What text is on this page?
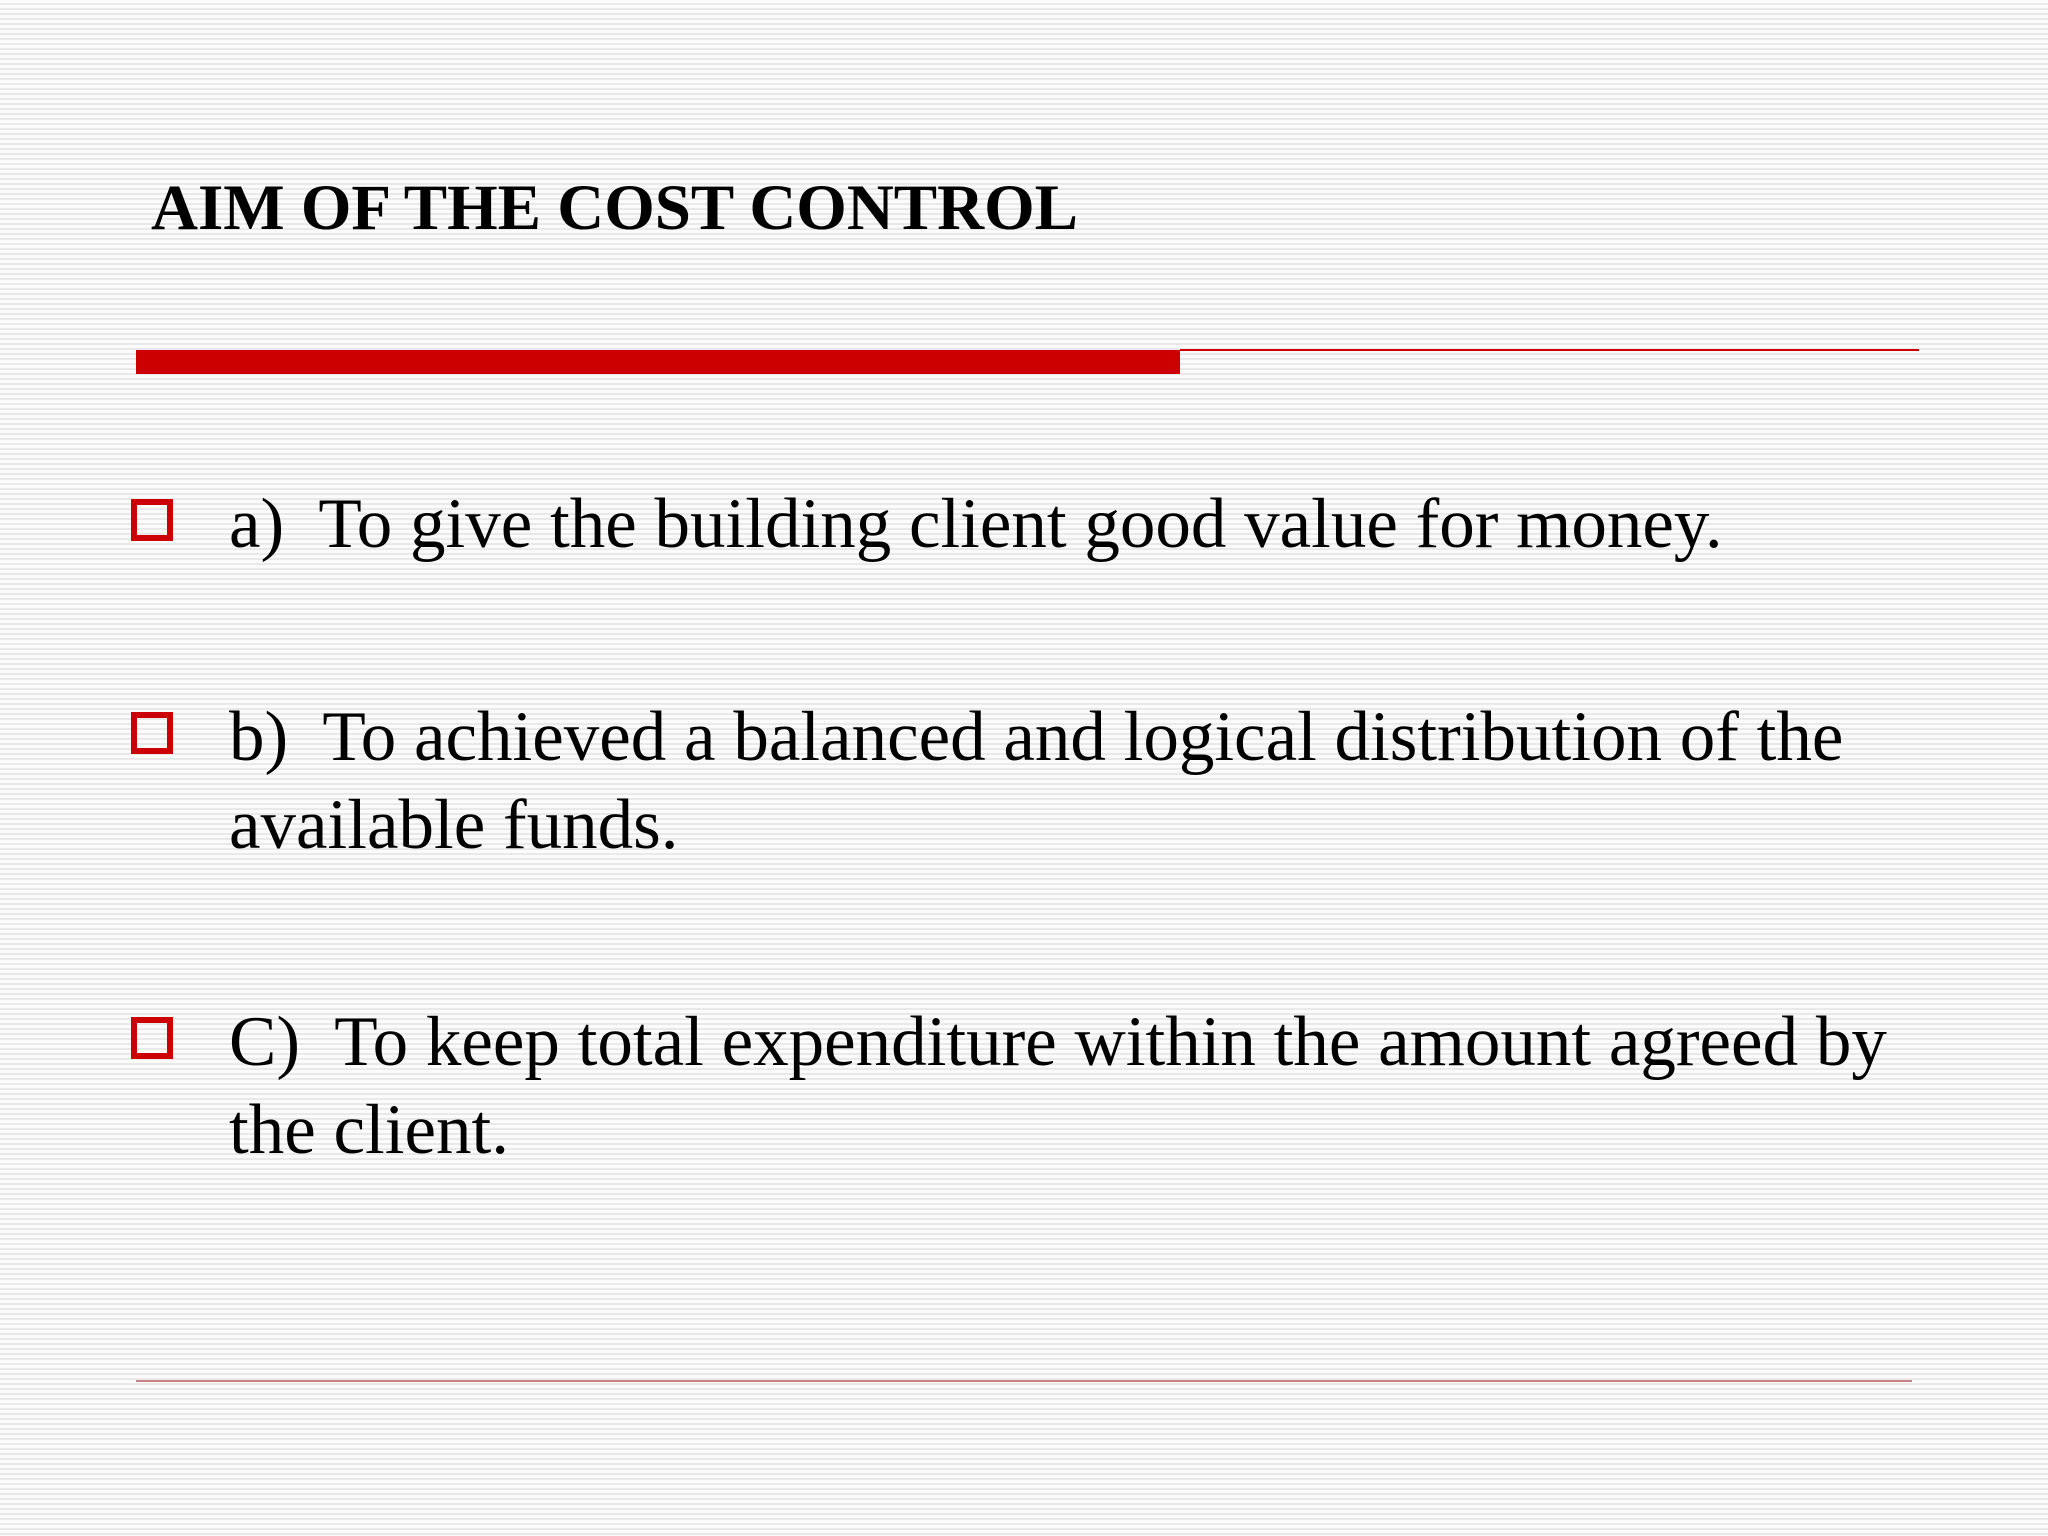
AIM OF THE COST CONTROL
a)  To give the building client good value for money.
b)  To achieved a balanced and logical distribution of the available funds.
C)  To keep total expenditure within the amount agreed by the client.
